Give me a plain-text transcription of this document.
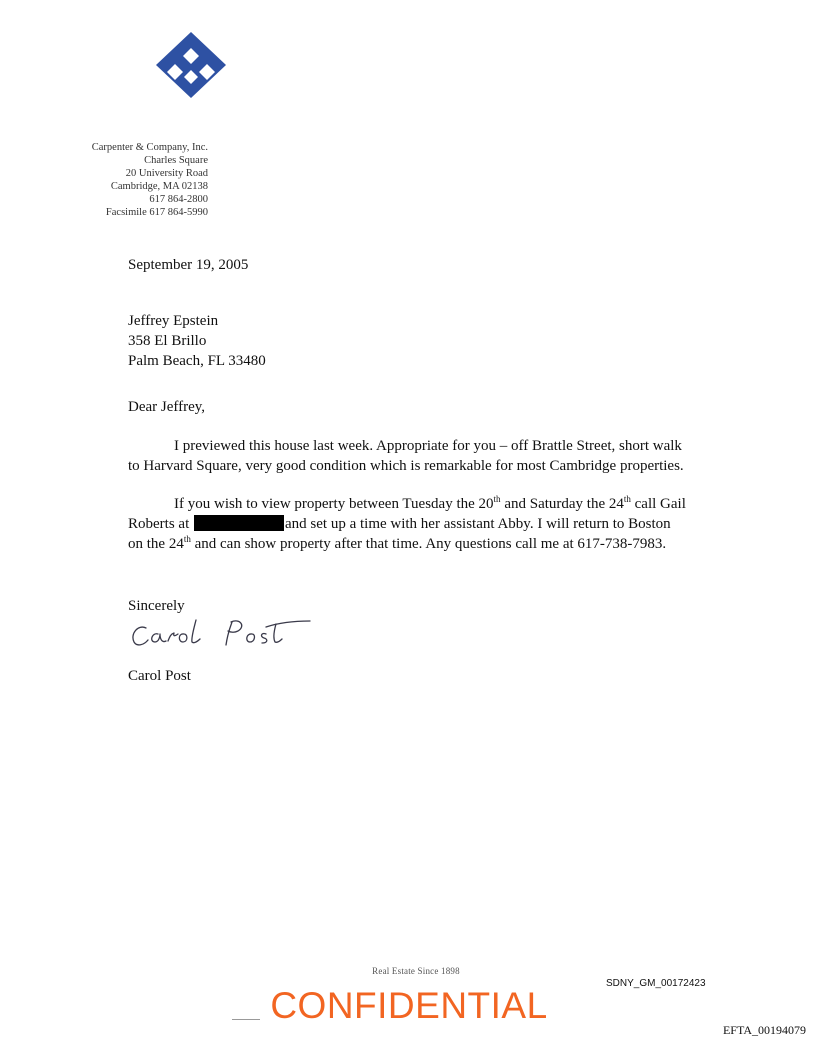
Carpenter & Company, Inc.
Charles Square
20 University Road
Cambridge, MA 02138
617 864-2800
Facsimile 617 864-5990
September 19, 2005
Jeffrey Epstein
358 El Brillo
Palm Beach, FL 33480
Dear Jeffrey,
I previewed this house last week. Appropriate for you – off Brattle Street, short walk to Harvard Square, very good condition which is remarkable for most Cambridge properties.
If you wish to view property between Tuesday the 20th and Saturday the 24th call Gail Roberts at	and set up a time with her assistant Abby. I will return to Boston on the 24th and can show property after that time. Any questions call me at 617-738-7983.
Sincerely
Carol Post
Real Estate Since 1898
SDNY_GM_00172423
CONFIDENTIAL
EFTA_00194079
